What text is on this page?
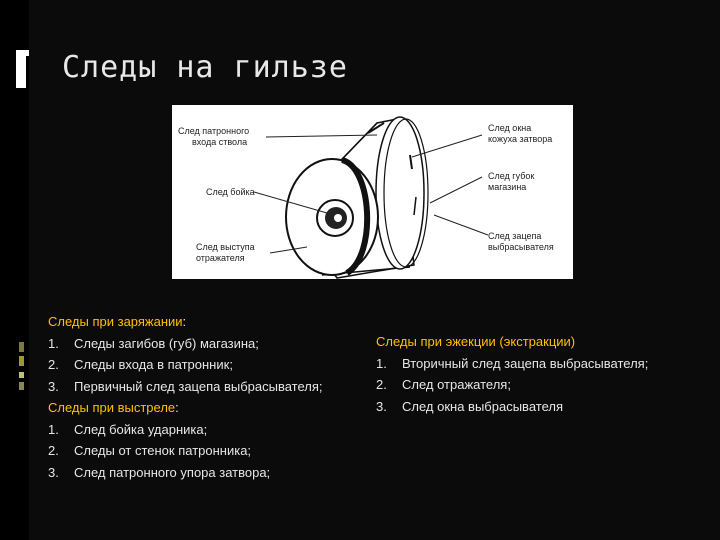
Следы на гильзе
След патронного
входа ствола
След окна
кожуха затвора
След губок
магазина
След бойка
След зацепа
выбрасывателя
След выступа
отражателя
Следы при заряжании:
1.	Следы загибов (губ) магазина;
2.	Следы входа в патронник;
3.	Первичный след зацепа выбрасывателя;
Следы при выстреле:
1.	След бойка ударника;
2.	Следы от стенок патронника;
3.	След патронного упора затвора;
Следы при эжекции (экстракции)
1.	Вторичный след зацепа выбрасывателя;
2.	След отражателя;
3.	След окна выбрасывателя
